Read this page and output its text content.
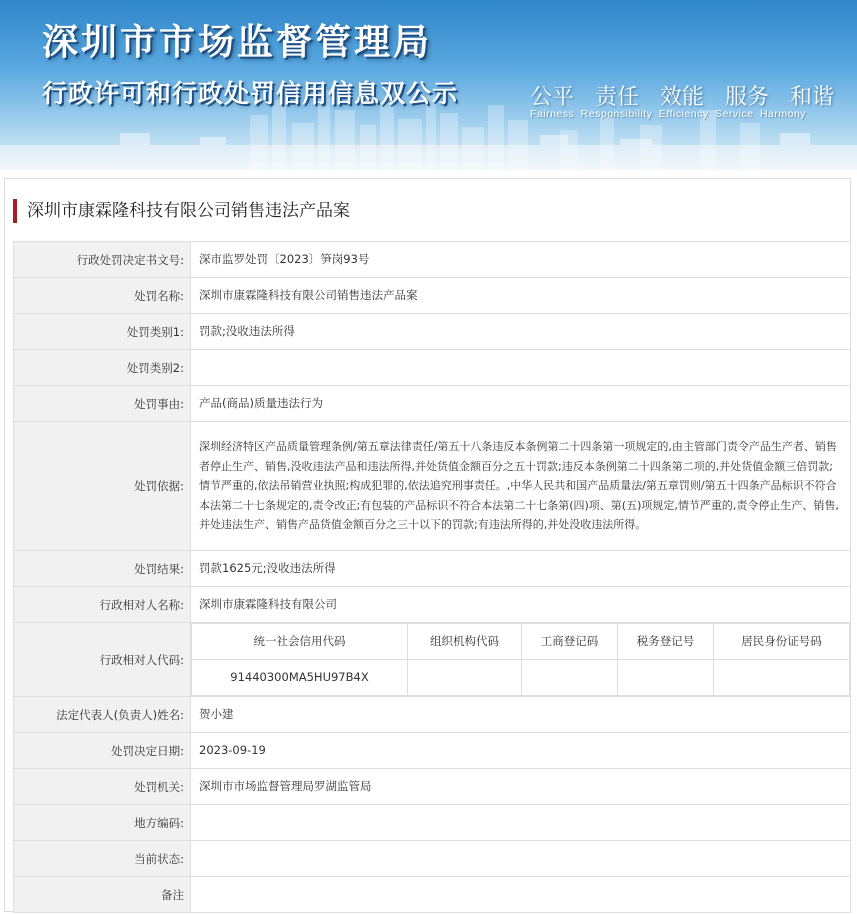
深圳市市场监督管理局
行政许可和行政处罚信用信息双公示	公平 责任 效能 服务 和谐
Fairness Responsibility Efficiency Service Harmony
深圳市康霖隆科技有限公司销售违法产品案
行政处罚决定书文号:	深市监罗处罚〔2023〕笋岗93号
处罚名称:	深圳市康霖隆科技有限公司销售违法产品案
处罚类别1:	罚款;没收违法所得
处罚类别2:	
处罚事由:	产品(商品)质量违法行为
处罚依据:	深圳经济特区产品质量管理条例/第五章法律责任/第五十八条违反本条例第二十四条第一项规定的,由主管部门责令产品生产者、销售者停止生产、销售,没收违法产品和违法所得,并处货值金额百分之五十罚款;违反本条例第二十四条第二项的,并处货值金额三倍罚款;情节严重的,依法吊销营业执照;构成犯罪的,依法追究刑事责任。,中华人民共和国产品质量法/第五章罚则/第五十四条产品标识不符合本法第二十七条规定的,责令改正;有包装的产品标识不符合本法第二十七条第(四)项、第(五)项规定,情节严重的,责令停止生产、销售,并处违法生产、销售产品货值金额百分之三十以下的罚款;有违法所得的,并处没收违法所得。
处罚结果:	罚款1625元;没收违法所得
行政相对人名称:	深圳市康霖隆科技有限公司
行政相对人代码:	
统一社会信用代码	组织机构代码	工商登记码	税务登记号	居民身份证号码
91440300MA5HU97B4X				

法定代表人(负责人)姓名:	贺小建
处罚决定日期:	2023-09-19
处罚机关:	深圳市市场监督管理局罗湖监管局
地方编码:	
当前状态:	
备注	
